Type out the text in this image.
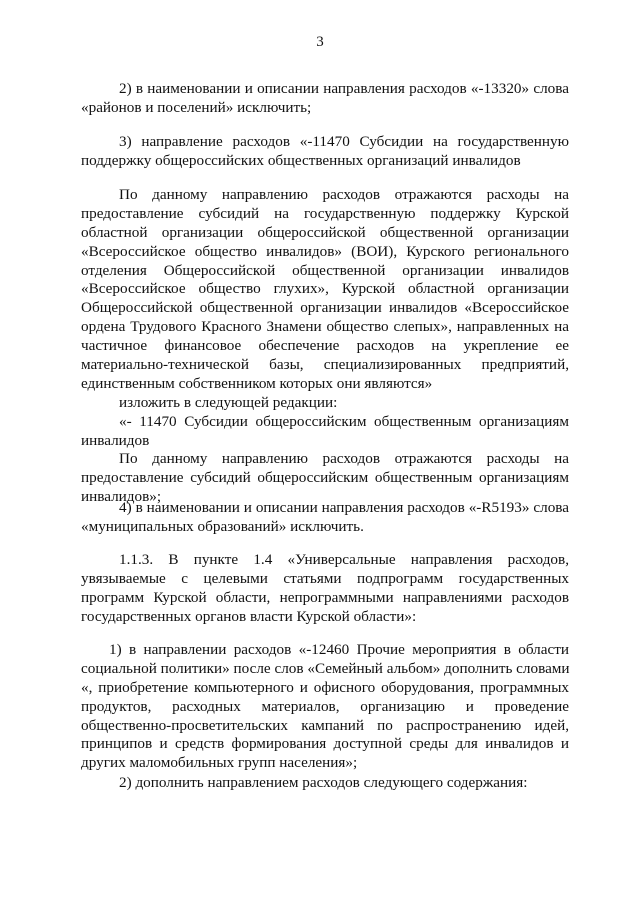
3
2) в наименовании и описании направления расходов «-13320» слова
«районов и поселений» исключить;
3) направление расходов «-11470 Субсидии на государственную
поддержку общероссийских общественных организаций инвалидов
По данному направлению расходов отражаются расходы на
предоставление субсидий на государственную поддержку Курской
областной организации общероссийской общественной организации
«Всероссийское общество инвалидов» (ВОИ), Курского регионального
отделения Общероссийской общественной организации инвалидов
«Всероссийское общество глухих», Курской областной организации
Общероссийской общественной организации инвалидов «Всероссийское
ордена Трудового Красного Знамени общество слепых», направленных на
частичное финансовое обеспечение расходов на укрепление ее
материально-технической базы, специализированных предприятий,
единственным собственником которых они являются»
изложить в следующей редакции:
«- 11470 Субсидии общероссийским общественным организациям
инвалидов
По данному направлению расходов отражаются расходы на
предоставление субсидий общероссийским общественным организациям
инвалидов»;
4) в наименовании и описании направления расходов «-R5193» слова
«муниципальных образований» исключить.
1.1.3. В пункте 1.4 «Универсальные направления расходов,
увязываемые с целевыми статьями подпрограмм государственных
программ Курской области, непрограммными направлениями расходов
государственных органов власти Курской области»:
1) в направлении расходов «-12460 Прочие мероприятия в области
социальной политики» после слов «Семейный альбом» дополнить словами
«, приобретение компьютерного и офисного оборудования, программных
продуктов, расходных материалов, организацию и проведение
общественно-просветительских кампаний по распространению идей,
принципов и средств формирования доступной среды для инвалидов и
других маломобильных групп населения»;
2) дополнить направлением расходов следующего содержания:
